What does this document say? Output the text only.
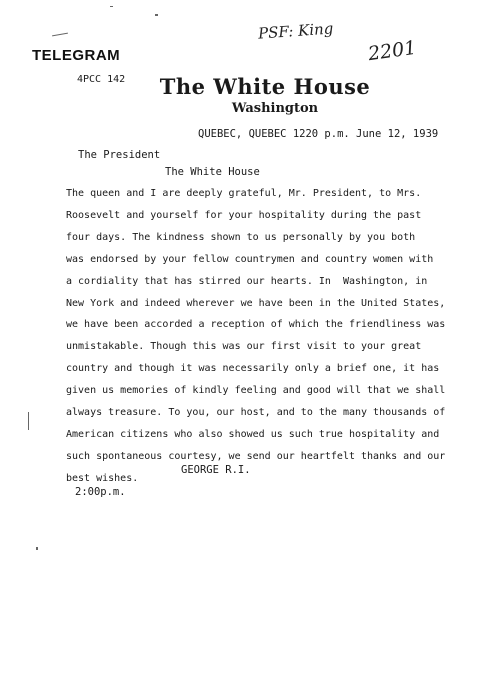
TELEGRAM
4PCC 142
PSF: King
2201
The White House
Washington
QUEBEC, QUEBEC 1220 p.m. June 12, 1939
The President
The White House
The queen and I are deeply grateful, Mr. President, to Mrs.
Roosevelt and yourself for your hospitality during the past
four days. The kindness shown to us personally by you both
was endorsed by your fellow countrymen and country women with
a cordiality that has stirred our hearts. In  Washington, in
New York and indeed wherever we have been in the United States,
we have been accorded a reception of which the friendliness was
unmistakable. Though this was our first visit to your great
country and though it was necessarily only a brief one, it has
given us memories of kindly feeling and good will that we shall
always treasure. To you, our host, and to the many thousands of
American citizens who also showed us such true hospitality and
such spontaneous courtesy, we send our heartfelt thanks and our
best wishes.
GEORGE R.I.
2:00p.m.
